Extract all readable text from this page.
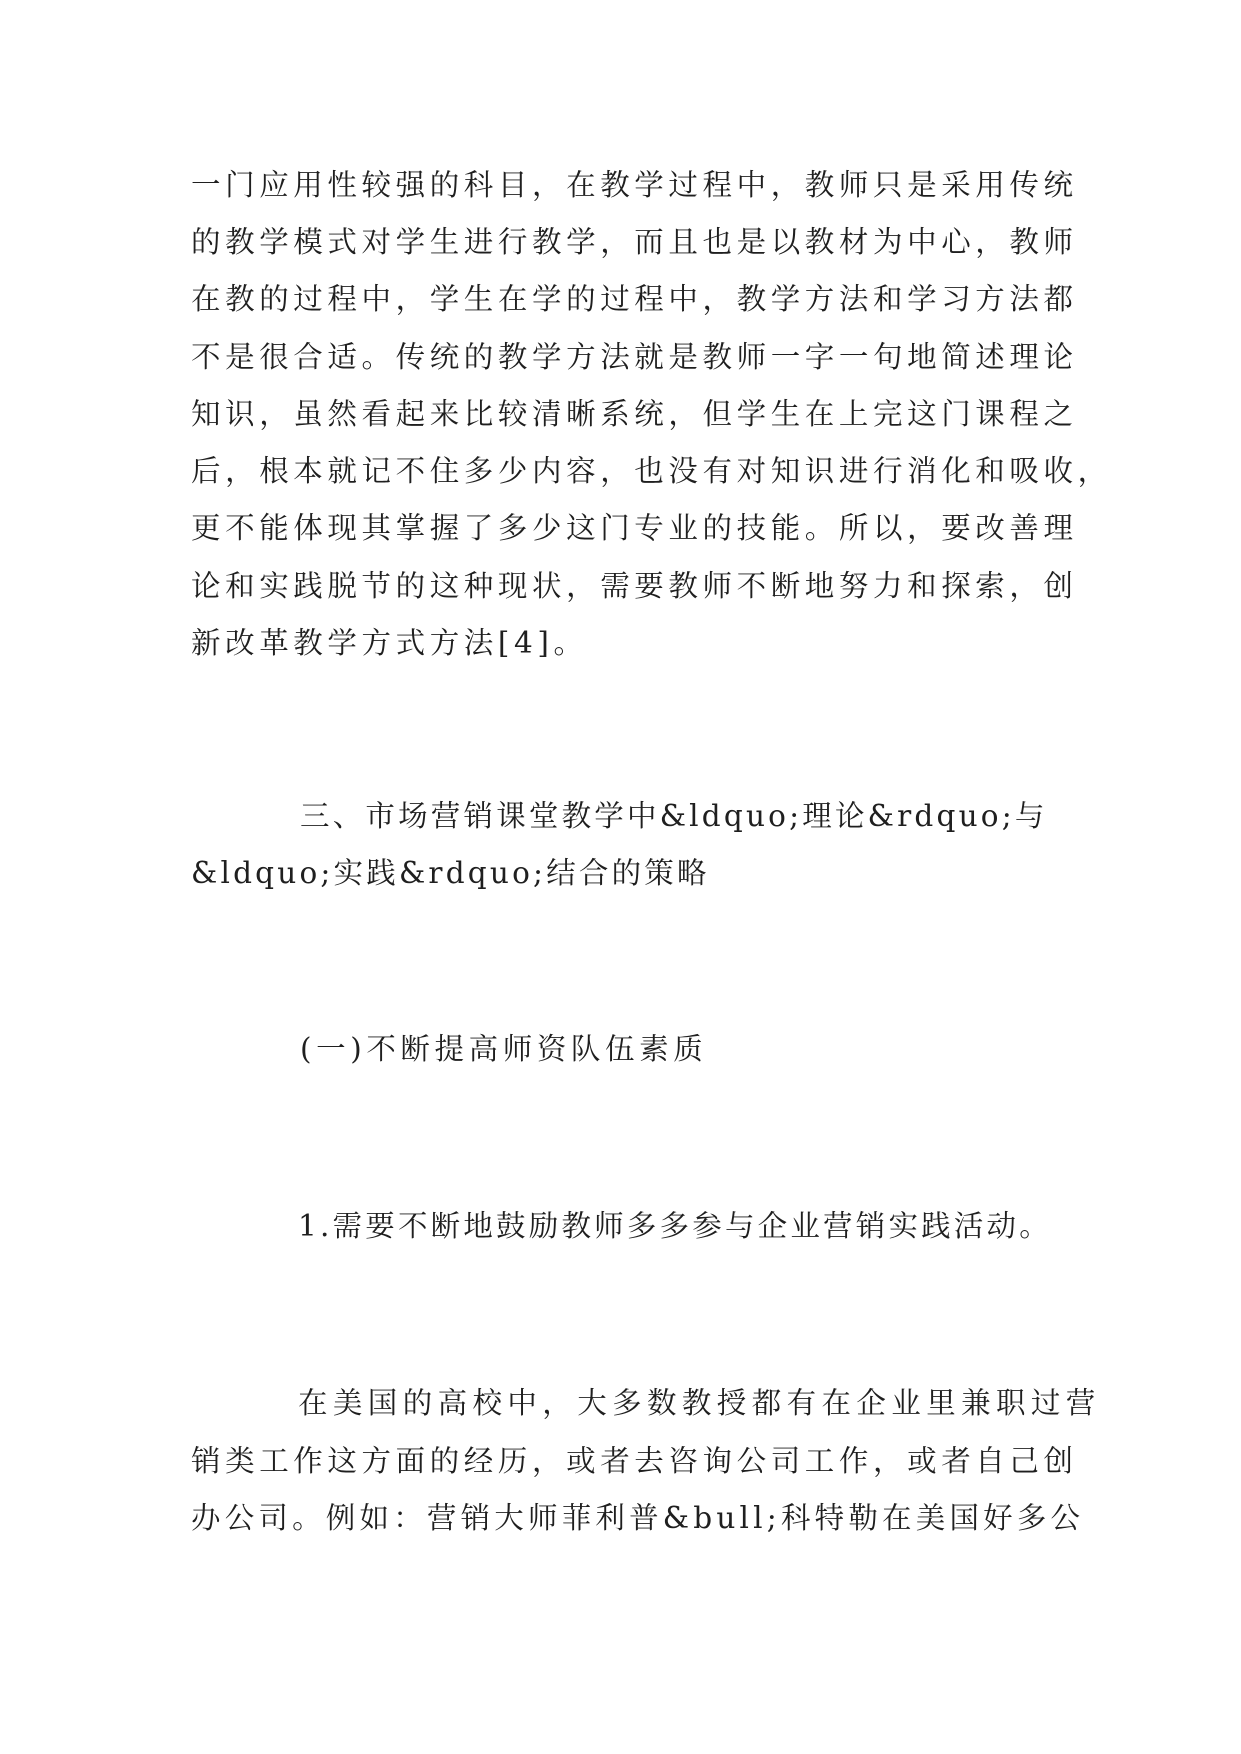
一门应用性较强的科目，在教学过程中，教师只是采用传统
的教学模式对学生进行教学，而且也是以教材为中心，教师
在教的过程中，学生在学的过程中，教学方法和学习方法都
不是很合适。传统的教学方法就是教师一字一句地简述理论
知识，虽然看起来比较清晰系统，但学生在上完这门课程之
后，根本就记不住多少内容，也没有对知识进行消化和吸收，
更不能体现其掌握了多少这门专业的技能。所以，要改善理
论和实践脱节的这种现状，需要教师不断地努力和探索，创
新改革教学方式方法[4]。
三、市场营销课堂教学中&ldquo;理论&rdquo;与
&ldquo;实践&rdquo;结合的策略
(一)不断提高师资队伍素质
1.需要不断地鼓励教师多多参与企业营销实践活动。
在美国的高校中，大多数教授都有在企业里兼职过营
销类工作这方面的经历，或者去咨询公司工作，或者自己创
办公司。例如：营销大师菲利普&bull;科特勒在美国好多公
